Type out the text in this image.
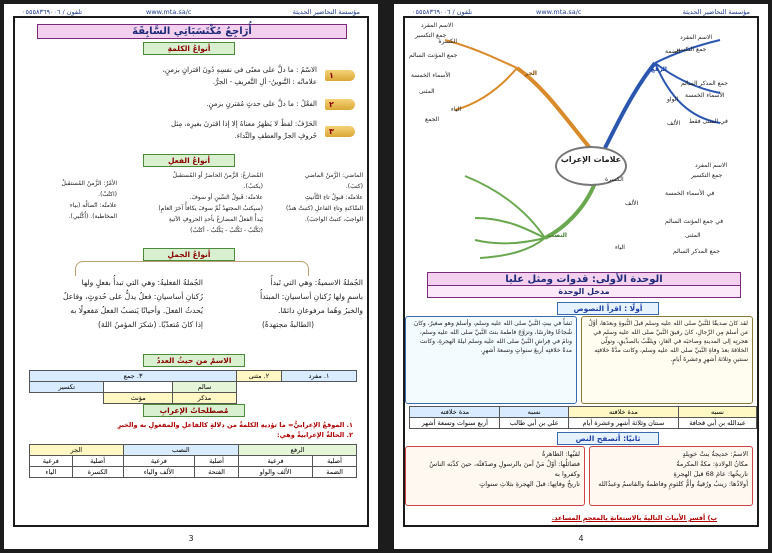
مؤسسة التحاضير الحديثة
www.mta.sa/c
تلفون / ٠٥٥٥٨٣٦٩٠٠٦
أُرَاجِعُ مُكْتَسَبَاتِي السَّابِقَةَ
أنواعُ الكلمةِ
الاسْمُ : ما دلَّ على معنًى في نفسِهِ دُونَ اقترانٍ بزمنٍ،
علاماتُه : التَّنوينُ- ألِ التَّعريفِ - الجرُّ.
١
الفعْلُ : ما دلَّ على حدثٍ مُقترنٍ بزمنٍ. ٢
الحَرْفُ: لفظٌ لا يَظهرُ معناهُ إلا إذا اقترنَ بغيرِه، مِثل
حُروفِ الجرِّ والعطفِ والنِّداء. ٣
أنواعُ الفعلِ
الماضي: الزَّمنُ الماضي
(كتبَ).
علامتُه: قبولُ تاءِ التَّأنيثِ
السَّاكنةِ وتاءِ الفاعلِ (كتبتْ هندٌ)
الواجبَ، كتبتُ الواجبَ).
المُضارعُ: الزَّمنُ الحاضرُ أو المُستقبلُ
(يكتبُ).
علامتُه: قَبولُ السِّينِ أو سوفَ.
(سيكتبُ المجتهدُ ثُمَّ سوفَ يكافأُ آخرَ العامِ)
يَبدأُ الفعلُ المضارعُ بأحدِ الحروفِ الآتيةِ
(نَكْتُبُ - تَكْتُبُ - يَكْتُبُ - أكتُبُ)
الأمْرُ: الزَّمنُ المُستقبلُ
(اكتُبْ).
علامتُه: اتّصالُه (بياء
المخاطبة). (اُكْتُبي).
أنواعُ الجملِ
الجُملةُ الاسميةُ: وهي التي تَبدأُ
باسمٍ ولها رُكنانِ أساسيانِ: المبتدأُ
والخبرُ وهُما مرفوعانِ دائمًا.
(الطالبةُ مجتهدةٌ)
الجُملةُ الفعليةُ: وهي التي تبدأُ بفعلٍ ولها
رُكنانِ أساسيانِ: فعلٌ يدلُّ على حُدوثٍ، وفاعلٌ
يُحدثُ الفعلَ. وأحيانًا يَنصبُ الفعلُ مَفعولًا به
إذا كانَ مُتعدّيًا. (شكرَ المؤمنُ اللهَ)
الاسمُ من حيثُ العددُ
١. مفرد	٢. مثنى	٣. جمع		
		سالم		تكسير
		مذكر	مؤنث	
مُصطلحاتُ الإعرابِ
١. الموقعُ الإعرابيُّ= ما تؤديهِ الكلمةُ من دلالةٍ كالفاعلِ والمفعولِ به والخبرِ
٢. الحالةُ الإعرابيةُ وهي:
الرفع		النصب		الجر	
أصلية	فرعية	أصلية	فرعية	أصلية	فرعية
الضمة	الألف والواو	الفتحة	الألف والياء	الكسرة	الياء
3
مؤسسة التحاضير الحديثة
www.mta.sa/c
تلفون / ٠٥٥٥٨٣٦٩٠٠٦
علامات الإعراب
الجر
الرفع
النصب
الكسرة
الياء
الاسم المفرد
جمع التكسير
جمع المؤنث السالم
الأسماء الخمسة
المثنى
الجمع
الضمة
الاسم المفرد
جمع التكسير
الواو
جمع المذكر السالم
الأسماء الخمسة
الألف في المثنى فقط
الاسم المفرد
جمع التكسير
في الأسماء الخمسة
الألف
الكسرة
في جمع المؤنث السالم
المثنى
الياء
جمع المذكر السالم
الوحدة الأولى: قدوات ومثل عليا
مدخل الوحدة
أولًا : اقرأ النصوص
لقد كانَ صديقًا للنَّبيِّ صلى الله عليه وسلم قبلَ النُّبوةِ وبعدَها، أوَّلُ مَن أسلمَ مِن الرِّجالِ، كانَ رفيقَ النَّبيِّ صلى الله عليه وسلم في هجرتِه إلى المدينةِ وصاحبَه في الغارِ، ويلقَّبُ بالصدِّيقِ، وتولّى الخلافةَ بعدَ وفاةِ النَّبيِّ صلى الله عليه وسلم، وكانت مدَّةُ خلافتِه سنتينِ وثلاثةَ أشهرٍ وعشرةَ أيامٍ.
نَشأَ في بيتِ النَّبيِّ صلى الله عليه وسلم، وأسلمَ وهو صغيرٌ، وكانَ شُجاعًا وفارسًا، وتزوَّجَ فاطمةَ بنتَ النَّبيِّ صلى الله عليه وسلم، ونامَ في فِراشِ النَّبيِّ صلى الله عليه وسلم ليلةَ الهجرةِ، وكانت مدةُ خلافتِه أربعَ سنواتٍ وتسعةَ أشهرٍ.
نسبه	مدة خلافته	نسبه	مدة خلافته
عبدالله بن أبي قحافة	سنتان وثلاثة أشهر وعشرة أيام	علي بن أبي طالب	أربع سنوات وتسعة أشهر
ثانيًا: أتصفح النص
الاسمُ: خديجةُ بنتُ خويلدٍ
مكانُ الولادةِ: مكةُ المكرمةُ
تاريخُها: عامَ 68 قبلَ الهجرةِ
أولادُها: زينبُ ورُقيةُ وأمُّ كلثومٍ وفاطمةُ والقاسمُ وعبدُالله
لقبُها: الطاهرةُ
فضائلُها: أوّلُ مَنْ آمنَ بالرسولِ وصدّقتْه، حينَ كذّبَه الناسُ وكفروا به
تاريخُ وفاتِها: قبلَ الهجرةِ بثلاثِ سنواتٍ
ب) أفسر الأبياتَ التاليةَ بالاستعانةِ بالمعجمِ المساعدِ.
4
